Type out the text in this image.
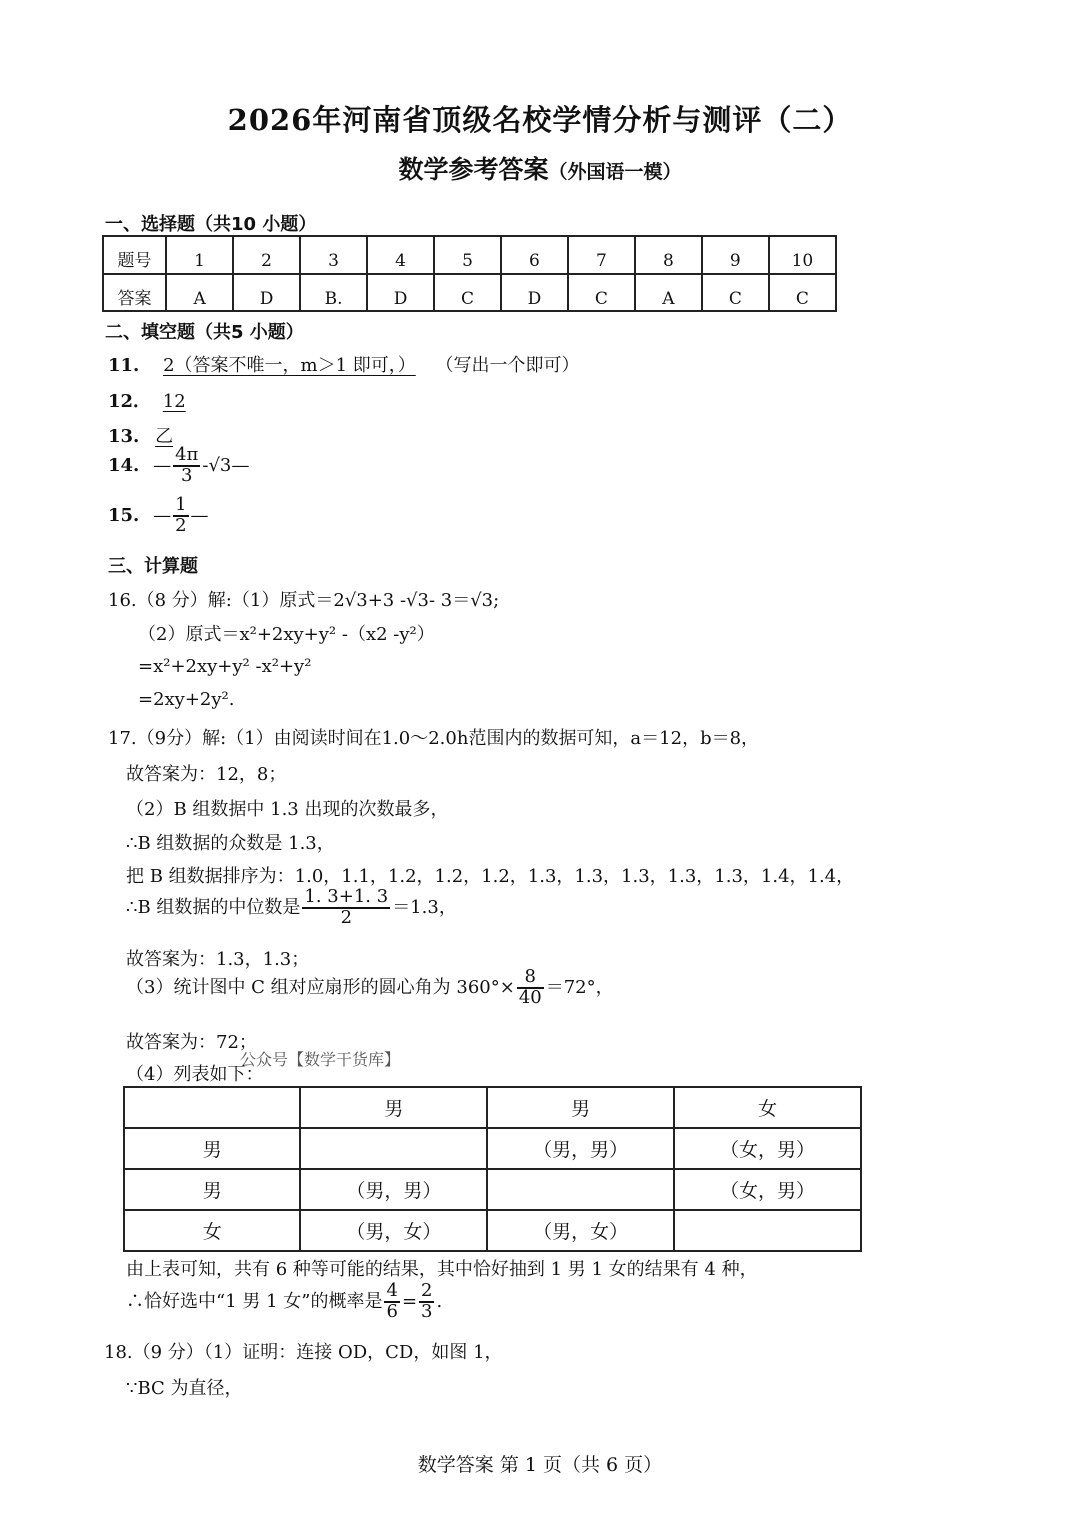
2026年河南省顶级名校学情分析与测评（二）
数学参考答案（外国语一模）
一、选择题（共10 小题）
题号	1	2	3	4	5	6	7	8	9	10
答案	A	D	B.	D	C	D	C	A	C	C
二、填空题（共5 小题）
11. 2（答案不唯一，m＞1 即可，） （写出一个即可）
12． 12
13. 乙
14. — $\frac{4\pi}{3}$ -√3—
15. — $\frac{1}{2}$ —
三、计算题
16.（8 分）解:（1）原式＝2√3+3 -√3- 3＝√3;
（2）原式＝x²+2xy+y² -（x2 -y²）
=x²+2xy+y² -x²+y²
=2xy+2y².
17.（9分）解:（1）由阅读时间在1.0～2.0h范围内的数据可知，a＝12，b＝8，
故答案为：12，8；
（2）B 组数据中 1.3 出现的次数最多，
∴B 组数据的众数是 1.3，
把 B 组数据排序为：1.0，1.1，1.2，1.2，1.2，1.3，1.3，1.3，1.3，1.3，1.4，1.4，
∴B 组数据的中位数是 $\frac{1. 3+1. 3}{2} =1.3$，
故答案为：1.3，1.3；
（3）统计图中 C 组对应扇形的圆心角为 $360^\circ\times \frac{8}{40} =72^\circ$，
故答案为：72；
公众号【数学干货库】
（4）列表如下：
	男	男	女
男		（男，男）	（女，男）
男	（男，男）		（女，男）
女	（男，女）	（男，女）	
由上表可知，共有 6 种等可能的结果，其中恰好抽到 1 男 1 女的结果有 4 种，
∴恰好选中“1 男 1 女”的概率是 $\frac{4}{6} = \frac{2}{3}$ .
18.（9 分）（1）证明：连接 OD，CD，如图 1，
∵BC 为直径，
数学答案 第 1 页（共 6 页）
